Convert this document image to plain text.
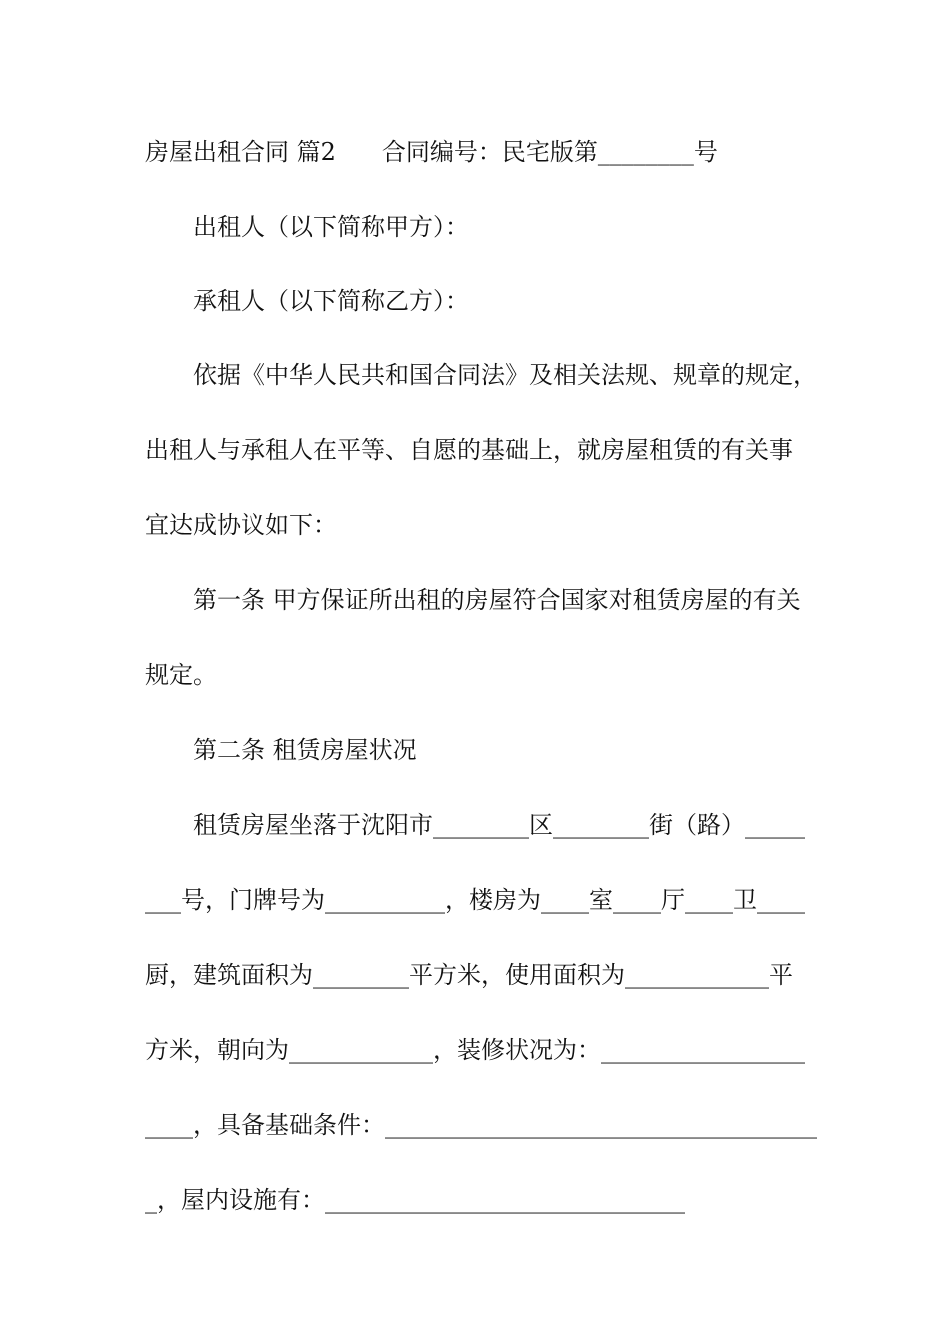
房屋出租合同 篇2 合同编号：民宅版第________号
出租人（以下简称甲方）：
承租人（以下简称乙方）：
依据《中华人民共和国合同法》及相关法规、规章的规定，
出租人与承租人在平等、自愿的基础上，就房屋租赁的有关事
宜达成协议如下：
第一条 甲方保证所出租的房屋符合国家对租赁房屋的有关
规定。
第二条 租赁房屋状况
租赁房屋坐落于沈阳市________区________街（路）_____
___号，门牌号为__________，楼房为____室____厅____卫____
厨，建筑面积为________平方米，使用面积为____________平
方米，朝向为____________，装修状况为：_________________
____，具备基础条件：____________________________________
_，屋内设施有：______________________________
